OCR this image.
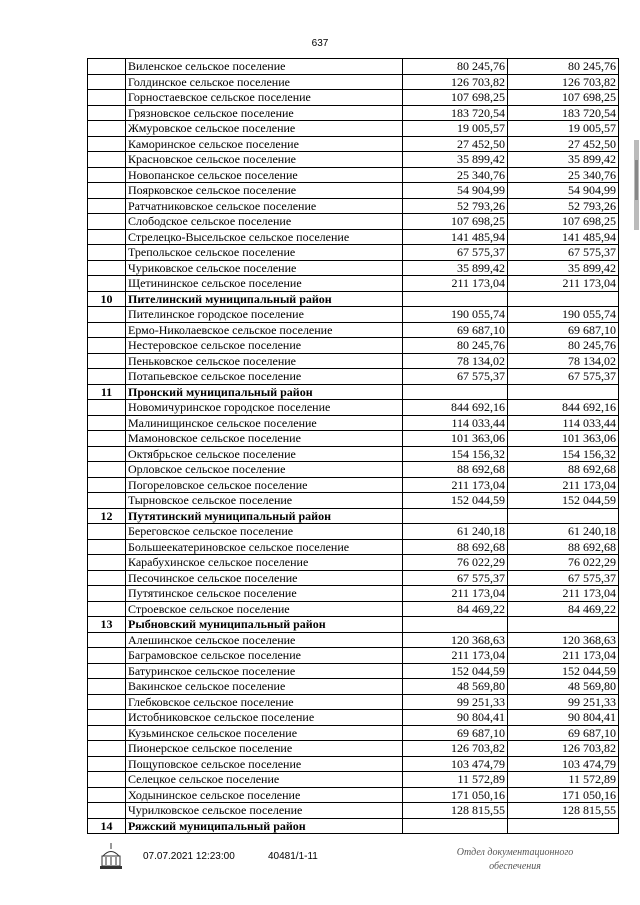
637
	Виленское сельское поселение	80 245,76	80 245,76
	Голдинское сельское поселение	126 703,82	126 703,82
	Горностаевское сельское поселение	107 698,25	107 698,25
	Грязновское сельское поселение	183 720,54	183 720,54
	Жмуровское сельское поселение	19 005,57	19 005,57
	Каморинское сельское поселение	27 452,50	27 452,50
	Красновское сельское поселение	35 899,42	35 899,42
	Новопанское сельское поселение	25 340,76	25 340,76
	Поярковское сельское поселение	54 904,99	54 904,99
	Ратчатниковское сельское поселение	52 793,26	52 793,26
	Слободское сельское поселение	107 698,25	107 698,25
	Стрелецко-Высельское сельское поселение	141 485,94	141 485,94
	Трепольское сельское поселение	67 575,37	67 575,37
	Чуриковское сельское поселение	35 899,42	35 899,42
	Щетининское сельское поселение	211 173,04	211 173,04
10	Пителинский муниципальный район		
	Пителинское городское поселение	190 055,74	190 055,74
	Ермо-Николаевское сельское поселение	69 687,10	69 687,10
	Нестеровское сельское поселение	80 245,76	80 245,76
	Пеньковское сельское поселение	78 134,02	78 134,02
	Потапьевское сельское поселение	67 575,37	67 575,37
11	Пронский муниципальный район		
	Новомичуринское городское поселение	844 692,16	844 692,16
	Малинищинское сельское поселение	114 033,44	114 033,44
	Мамоновское сельское поселение	101 363,06	101 363,06
	Октябрьское сельское поселение	154 156,32	154 156,32
	Орловское сельское поселение	88 692,68	88 692,68
	Погореловское сельское поселение	211 173,04	211 173,04
	Тырновское сельское поселение	152 044,59	152 044,59
12	Путятинский муниципальный район		
	Береговское сельское поселение	61 240,18	61 240,18
	Большеекатериновское сельское поселение	88 692,68	88 692,68
	Карабухинское сельское поселение	76 022,29	76 022,29
	Песочинское сельское поселение	67 575,37	67 575,37
	Путятинское сельское поселение	211 173,04	211 173,04
	Строевское сельское поселение	84 469,22	84 469,22
13	Рыбновский муниципальный район		
	Алешинское сельское поселение	120 368,63	120 368,63
	Баграмовское сельское поселение	211 173,04	211 173,04
	Батуринское сельское поселение	152 044,59	152 044,59
	Вакинское сельское поселение	48 569,80	48 569,80
	Глебковское сельское поселение	99 251,33	99 251,33
	Истобниковское сельское поселение	90 804,41	90 804,41
	Кузьминское сельское поселение	69 687,10	69 687,10
	Пионерское сельское поселение	126 703,82	126 703,82
	Пощуповское сельское поселение	103 474,79	103 474,79
	Селецкое сельское поселение	11 572,89	11 572,89
	Ходынинское сельское поселение	171 050,16	171 050,16
	Чурилковское сельское поселение	128 815,55	128 815,55
14	Ряжский муниципальный район		
07.07.2021 12:23:00	40481/1-11	Отдел документационного
обеспечения
